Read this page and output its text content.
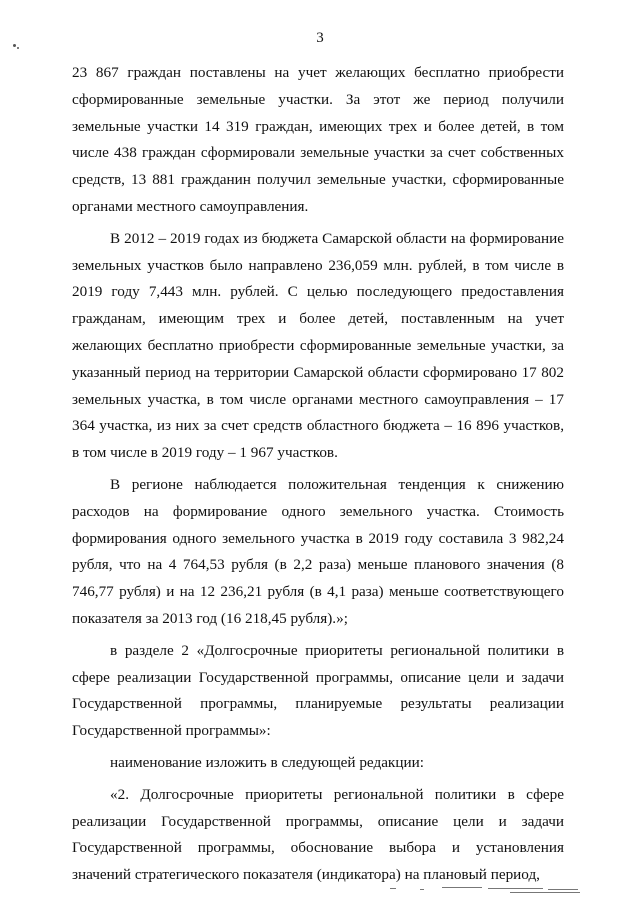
3

23 867 граждан поставлены на учет желающих бесплатно приобрести сформированные земельные участки. За этот же период получили земельные участки 14 319 граждан, имеющих трех и более детей, в том числе 438 граждан сформировали земельные участки за счет собственных средств, 13 881 гражданин получил земельные участки, сформированные органами местного самоуправления.

В 2012 – 2019 годах из бюджета Самарской области на формирование земельных участков было направлено 236,059 млн. рублей, в том числе в 2019 году 7,443 млн. рублей. С целью последующего предоставления гражданам, имеющим трех и более детей, поставленным на учет желающих бесплатно приобрести сформированные земельные участки, за указанный период на территории Самарской области сформировано 17 802 земельных участка, в том числе органами местного самоуправления – 17 364 участка, из них за счет средств областного бюджета – 16 896 участков, в том числе в 2019 году – 1 967 участков.

В регионе наблюдается положительная тенденция к снижению расходов на формирование одного земельного участка. Стоимость формирования одного земельного участка в 2019 году составила 3 982,24 рубля, что на 4 764,53 рубля (в 2,2 раза) меньше планового значения (8 746,77 рубля) и на 12 236,21 рубля (в 4,1 раза) меньше соответствующего показателя за 2013 год (16 218,45 рубля).»;

в разделе 2 «Долгосрочные приоритеты региональной политики в сфере реализации Государственной программы, описание цели и задачи Государственной программы, планируемые результаты реализации Государственной программы»:

наименование изложить в следующей редакции:

«2. Долгосрочные приоритеты региональной политики в сфере реализации Государственной программы, описание цели и задачи Государственной программы, обоснование выбора и установления значений стратегического показателя (индикатора) на плановый период,
